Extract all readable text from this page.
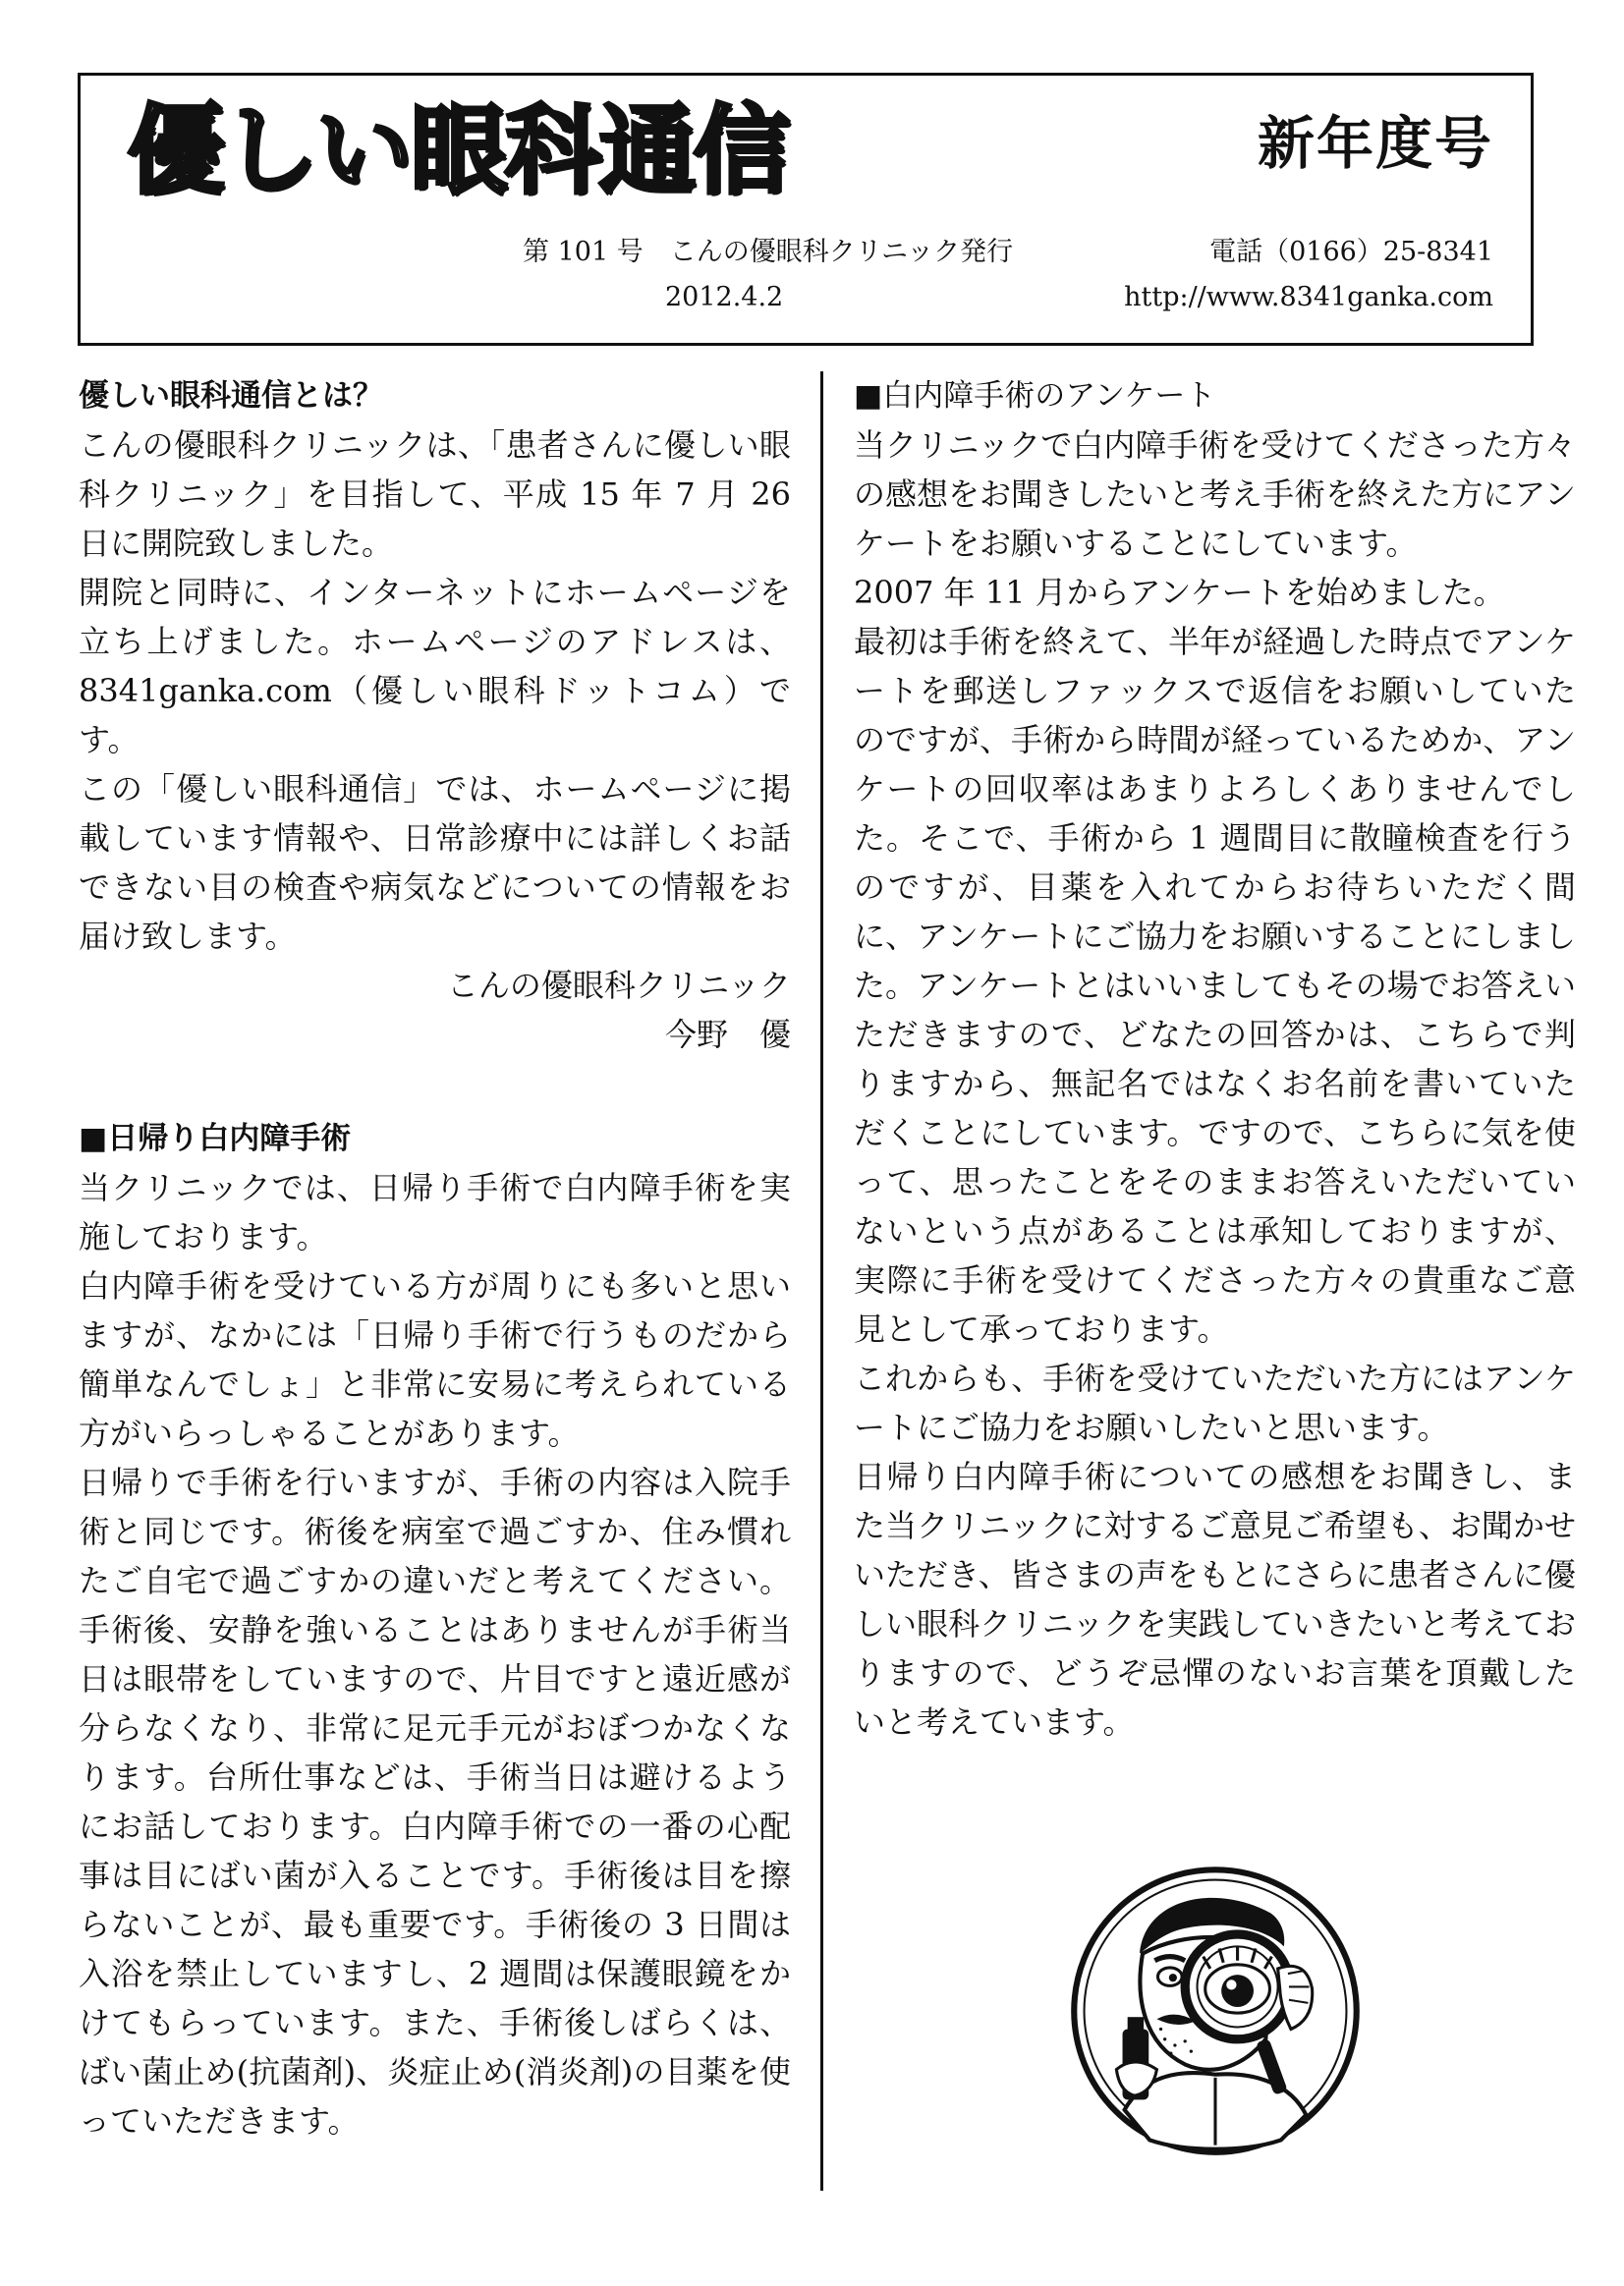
優しい眼科通信	新年度号
第 101 号　こんの優眼科クリニック発行	電話（0166）25-8341
2012.4.2	http://www.8341ganka.com
優しい眼科通信とは？

こんの優眼科クリニックは、「患者さんに優しい眼科クリニック」を目指して、平成 15 年 7 月 26 日に開院致しました。

開院と同時に、インターネットにホームページを立ち上げました。ホームページのアドレスは、8341ganka.com（優しい眼科ドットコム）です。

この「優しい眼科通信」では、ホームページに掲載しています情報や、日常診療中には詳しくお話できない目の検査や病気などについての情報をお届け致します。

こんの優眼科クリニック
今野　優
■日帰り白内障手術

当クリニックでは、日帰り手術で白内障手術を実施しております。

白内障手術を受けている方が周りにも多いと思いますが、なかには「日帰り手術で行うものだから簡単なんでしょ」と非常に安易に考えられている方がいらっしゃることがあります。

日帰りで手術を行いますが、手術の内容は入院手術と同じです。術後を病室で過ごすか、住み慣れたご自宅で過ごすかの違いだと考えてください。手術後、安静を強いることはありませんが手術当日は眼帯をしていますので、片目ですと遠近感が分らなくなり、非常に足元手元がおぼつかなくなります。台所仕事などは、手術当日は避けるようにお話しております。白内障手術での一番の心配事は目にばい菌が入ることです。手術後は目を擦らないことが、最も重要です。手術後の 3 日間は入浴を禁止していますし、2 週間は保護眼鏡をかけてもらっています。また、手術後しばらくは、ばい菌止め(抗菌剤)、炎症止め(消炎剤)の目薬を使っていただきます。

■白内障手術のアンケート

当クリニックで白内障手術を受けてくださった方々の感想をお聞きしたいと考え手術を終えた方にアンケートをお願いすることにしています。

2007 年 11 月からアンケートを始めました。

最初は手術を終えて、半年が経過した時点でアンケートを郵送しファックスで返信をお願いしていたのですが、手術から時間が経っているためか、アンケートの回収率はあまりよろしくありませんでした。そこで、手術から 1 週間目に散瞳検査を行うのですが、目薬を入れてからお待ちいただく間に、アンケートにご協力をお願いすることにしました。アンケートとはいいましてもその場でお答えいただきますので、どなたの回答かは、こちらで判りますから、無記名ではなくお名前を書いていただくことにしています。ですので、こちらに気を使って、思ったことをそのままお答えいただいていないという点があることは承知しておりますが、実際に手術を受けてくださった方々の貴重なご意見として承っております。

これからも、手術を受けていただいた方にはアンケートにご協力をお願いしたいと思います。

日帰り白内障手術についての感想をお聞きし、また当クリニックに対するご意見ご希望も、お聞かせいただき、皆さまの声をもとにさらに患者さんに優しい眼科クリニックを実践していきたいと考えておりますので、どうぞ忌憚のないお言葉を頂戴したいと考えています。
